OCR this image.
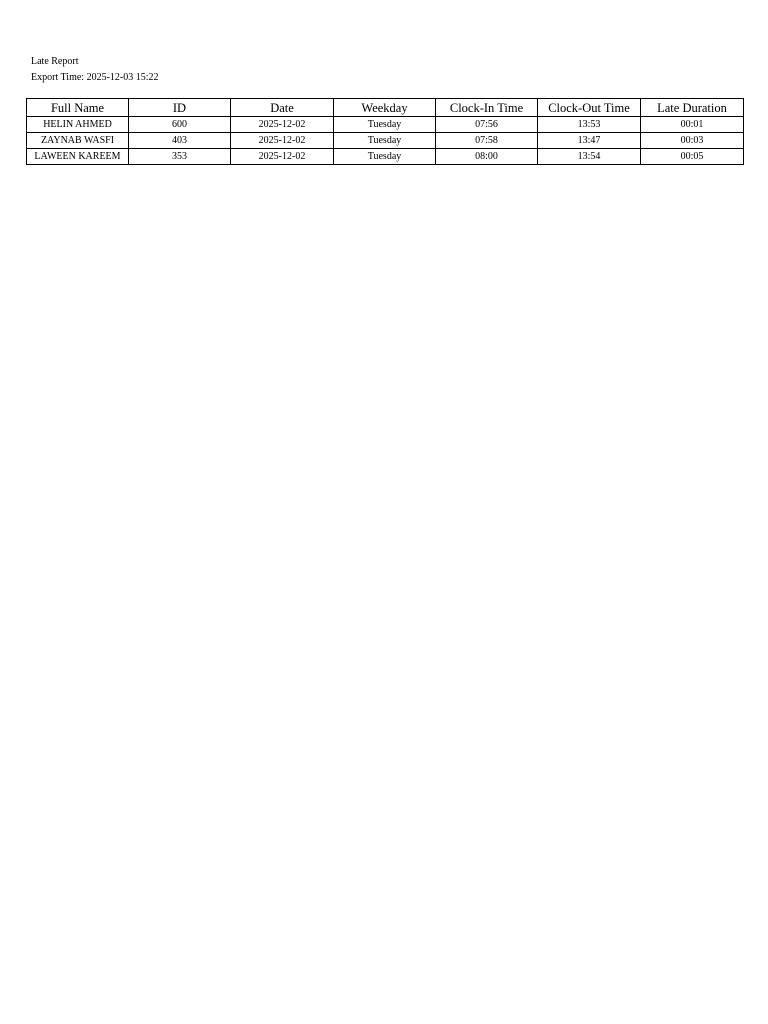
Late Report
Export Time: 2025-12-03 15:22
Full Name	ID	Date	Weekday	Clock-In Time	Clock-Out Time	Late Duration
HELIN AHMED	600	2025-12-02	Tuesday	07:56	13:53	00:01
ZAYNAB WASFI	403	2025-12-02	Tuesday	07:58	13:47	00:03
LAWEEN KAREEM	353	2025-12-02	Tuesday	08:00	13:54	00:05
